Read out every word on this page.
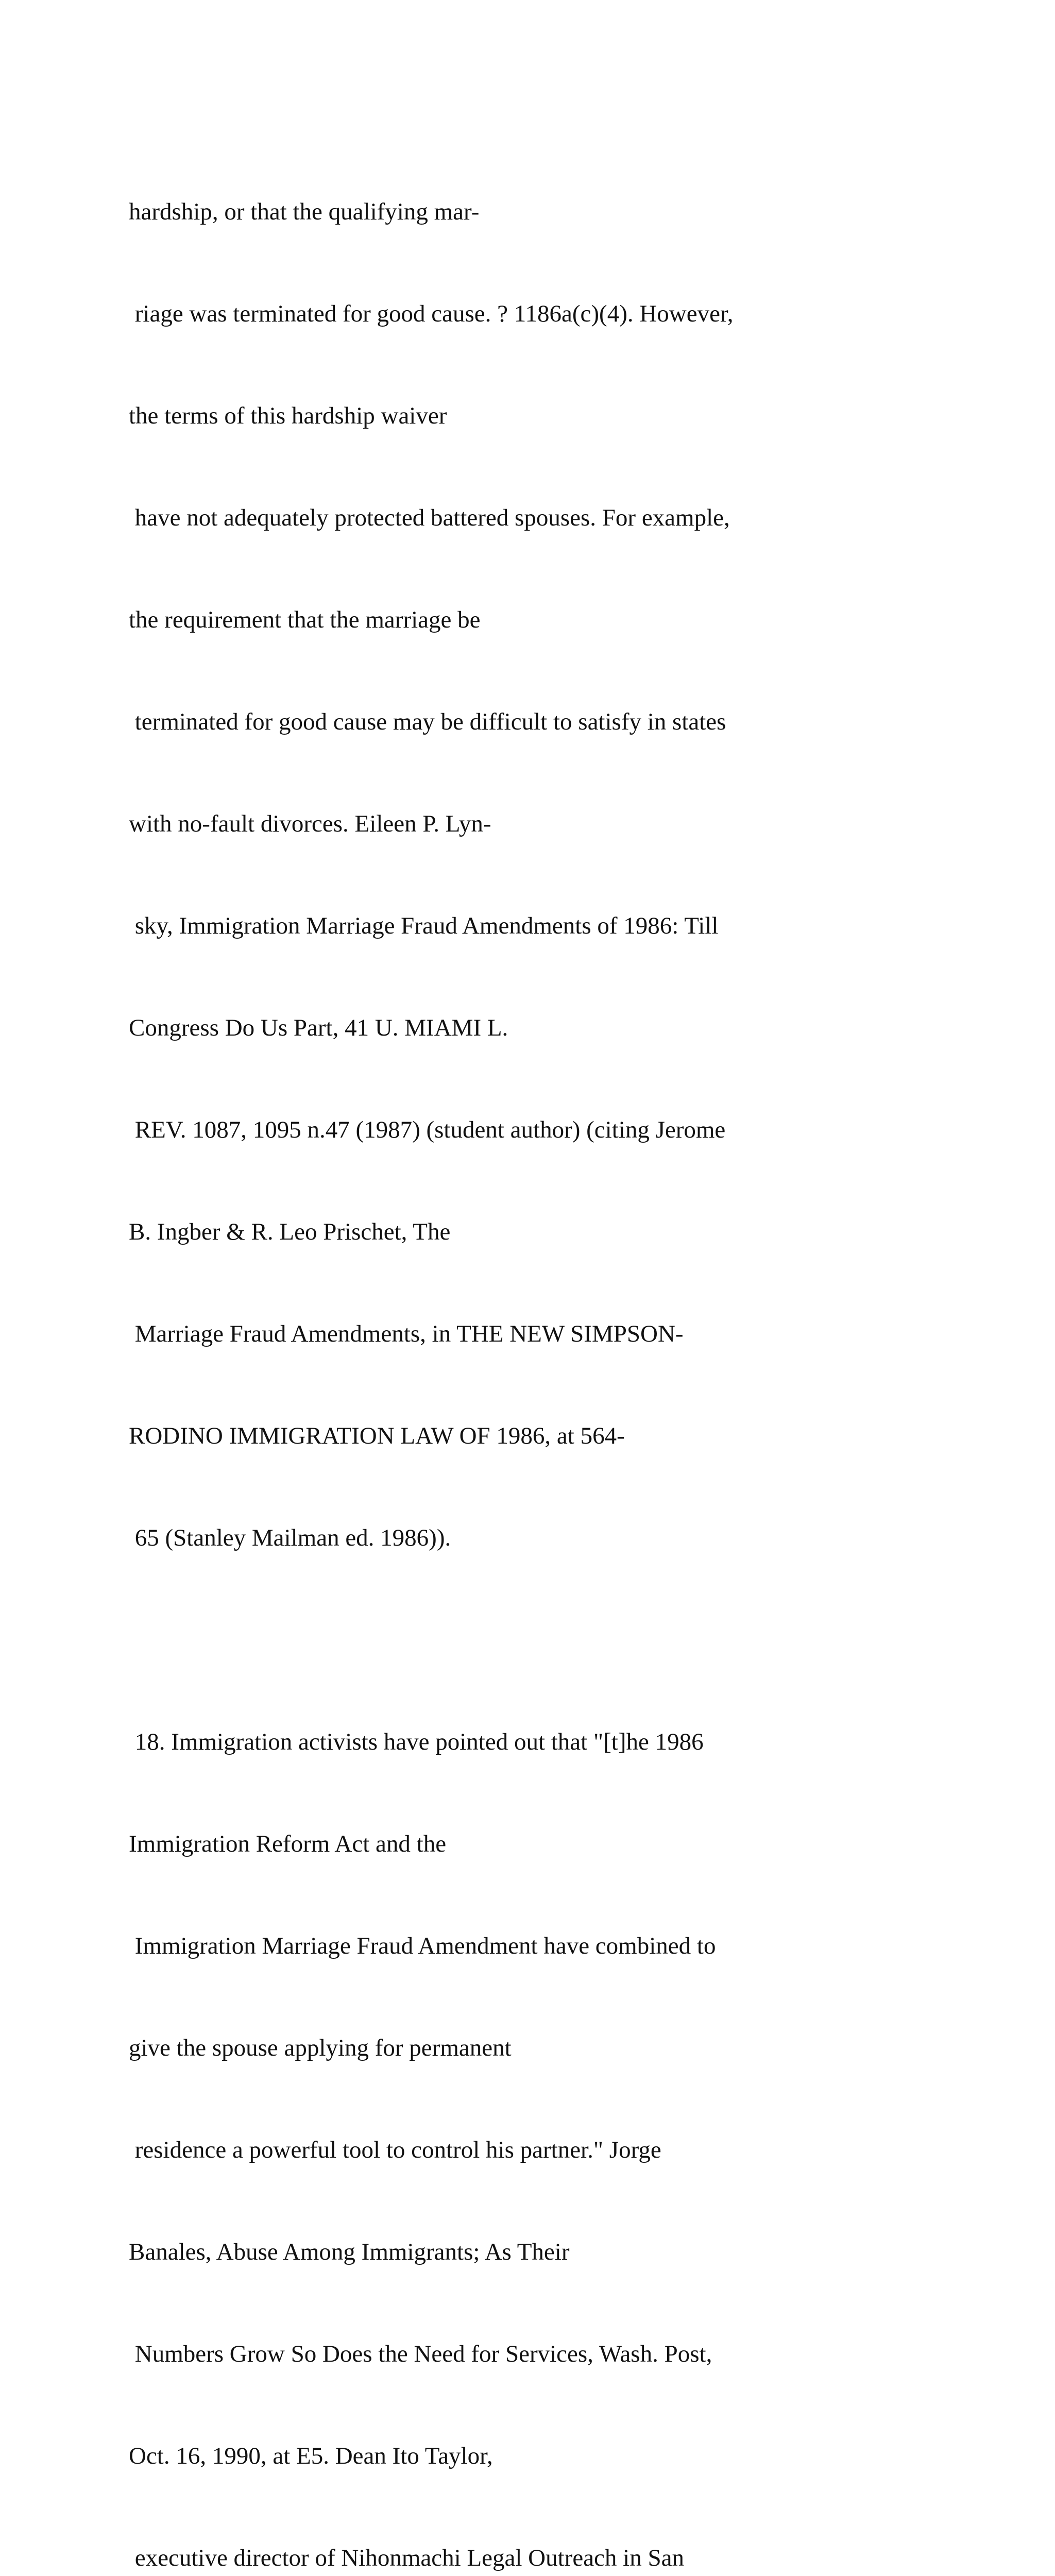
hardship, or that the qualifying mar-

riage was terminated for good cause. ? 1186a(c)(4). However,

the terms of this hardship waiver

have not adequately protected battered spouses. For example,

the requirement that the marriage be

terminated for good cause may be difficult to satisfy in states

with no-fault divorces. Eileen P. Lyn-

sky, Immigration Marriage Fraud Amendments of 1986: Till

Congress Do Us Part, 41 U. MIAMI L.

REV. 1087, 1095 n.47 (1987) (student author) (citing Jerome

B. Ingber & R. Leo Prischet, The

Marriage Fraud Amendments, in THE NEW SIMPSON-

RODINO IMMIGRATION LAW OF 1986, at 564-

65 (Stanley Mailman ed. 1986)).

18. Immigration activists have pointed out that "[t]he 1986

Immigration Reform Act and the

Immigration Marriage Fraud Amendment have combined to

give the spouse applying for permanent

residence a powerful tool to control his partner." Jorge

Banales, Abuse Among Immigrants; As Their

Numbers Grow So Does the Need for Services, Wash. Post,

Oct. 16, 1990, at E5. Dean Ito Taylor,

executive director of Nihonmachi Legal Outreach in San
